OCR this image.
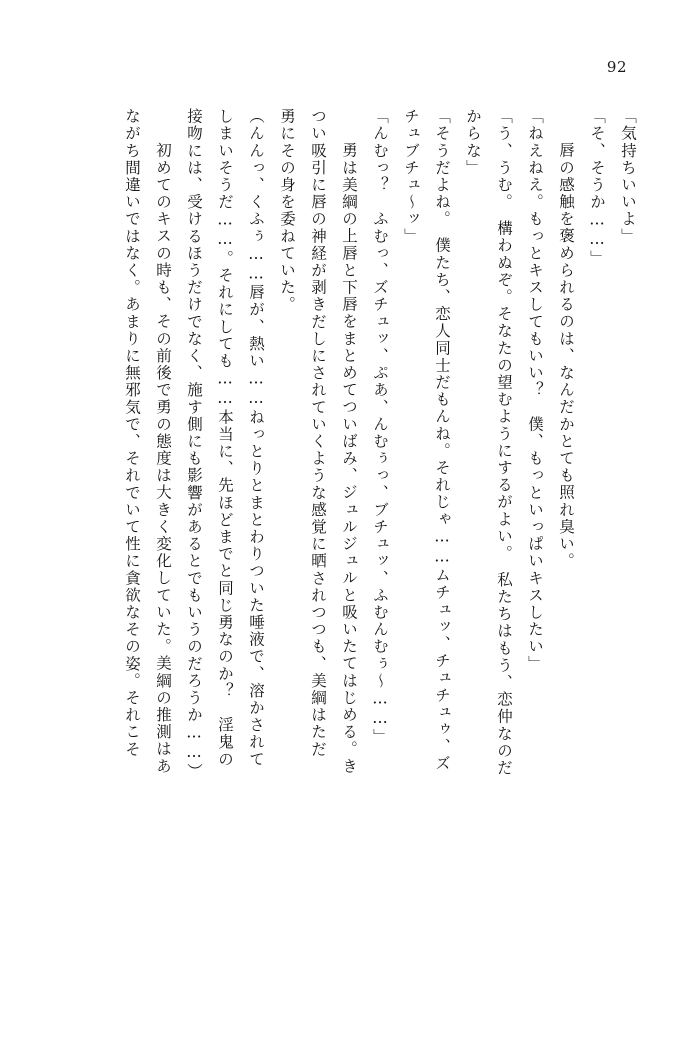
92
「気持ちいいよ」
「そ、そうか……」
　唇の感触を褒められるのは、なんだかとても照れ臭い。
「ねえねえ。もっとキスしてもいい？　僕、もっといっぱいキスしたい」
「う、うむ。　構わぬぞ。そなたの望むようにするがよい。　私たちはもう、恋仲なのだ
からな」
「そうだよね。　僕たち、恋人同士だもんね。それじゃ……ムチュッ、チュチュゥ、ズ
チュブチュ〜ッ」
「んむっ？　ふむっ、ズチュッ、ぷあ、んむぅっ、ブチュッ、ふむんむぅ〜……」
　勇は美綱の上唇と下唇をまとめてついばみ、ジュルジュルと吸いたてはじめる。き
つい吸引に唇の神経が剥きだしにされていくような感覚に晒されつつも、美綱はただ
勇にその身を委ねていた。
（んんっ、くふぅ……唇が、熱い……ねっとりとまとわりついた唾液で、溶かされて
しまいそうだ……。それにしても……本当に、先ほどまでと同じ勇なのか？　淫鬼の
接吻には、受けるほうだけでなく、施す側にも影響があるとでもいうのだろうか……）
　初めてのキスの時も、その前後で勇の態度は大きく変化していた。美綱の推測はあ
ながち間違いではなく。あまりに無邪気で、それでいて性に貪欲なその姿。それこそ
